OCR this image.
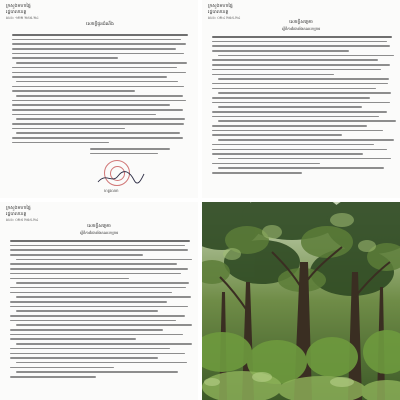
ក្រសួងមហាផ្ទៃ
រដ្ឋបាលខេត្ត
លេខ: ១២២ ២៥៥.២៤
សេចក្តីជូនដំណឹង
ហត្ថលេខា
ក្រសួងមហាផ្ទៃ
រដ្ឋបាលខេត្ត
លេខ: ០២៤ ២៥៥.២៤
សេចក្តីសម្រេច
ស្តីពីការតែងតាំងគណៈកម្មការ
ក្រសួងមហាផ្ទៃ
រដ្ឋបាលខេត្ត
លេខ: ០២៥ ២៥៥.២៤
សេចក្តីសម្រេច
ស្តីពីការតែងតាំងគណៈកម្មការ
